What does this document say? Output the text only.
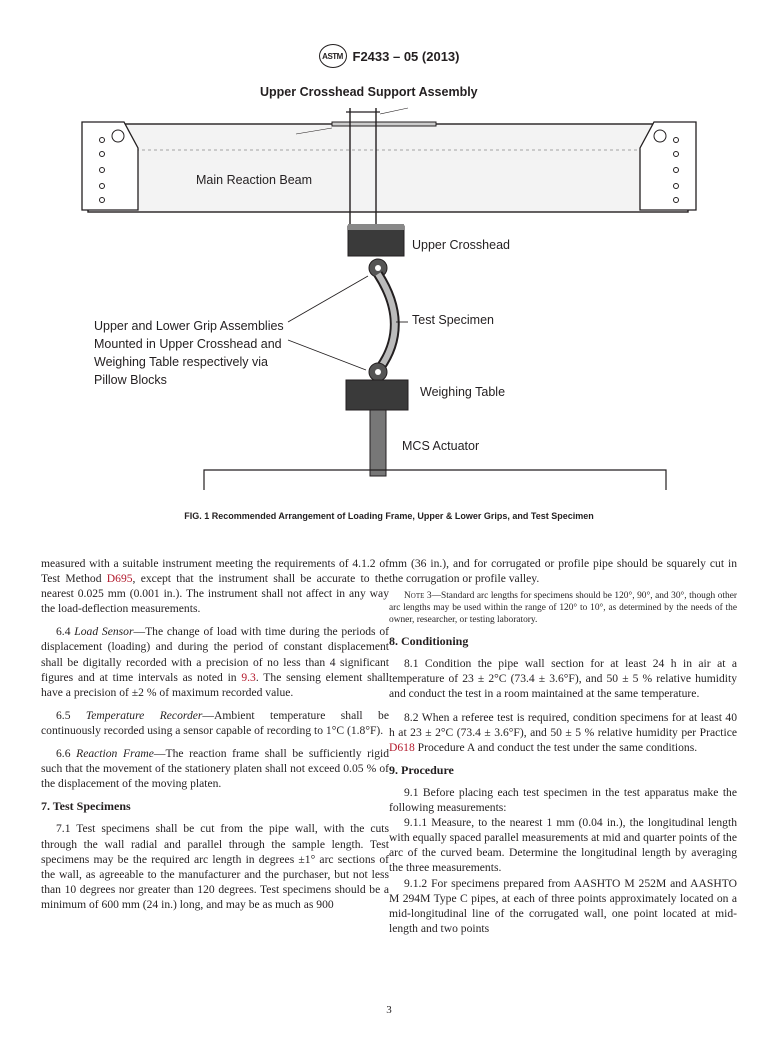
ASTM F2433 – 05 (2013)
Upper Crosshead Support Assembly
Main Reaction Beam
Upper Crosshead
Test Specimen
Upper and Lower Grip Assemblies
Mounted in Upper Crosshead and
Weighing Table respectively via
Pillow Blocks
Weighing Table
MCS Actuator
FIG. 1 Recommended Arrangement of Loading Frame, Upper & Lower Grips, and Test Specimen

measured with a suitable instrument meeting the requirements of 4.1.2 of Test Method D695, except that the instrument shall be accurate to the nearest 0.025 mm (0.001 in.). The instrument shall not affect in any way the load-deflection measurements.

6.4 Load Sensor—The change of load with time during the periods of displacement (loading) and during the period of constant displacement shall be digitally recorded with a precision of no less than 4 significant figures and at time intervals as noted in 9.3. The sensing element shall have a precision of ±2 % of maximum recorded value.

6.5 Temperature Recorder—Ambient temperature shall be continuously recorded using a sensor capable of recording to 1°C (1.8°F).

6.6 Reaction Frame—The reaction frame shall be sufficiently rigid such that the movement of the stationery platen shall not exceed 0.05 % of the displacement of the moving platen.

7. Test Specimens

7.1 Test specimens shall be cut from the pipe wall, with the cuts through the wall radial and parallel through the sample length. Test specimens may be the required arc length in degrees ±1° arc sections of the wall, as agreeable to the manufacturer and the purchaser, but not less than 10 degrees nor greater than 120 degrees. Test specimens should be a minimum of 600 mm (24 in.) long, and may be as much as 900

mm (36 in.), and for corrugated or profile pipe should be squarely cut in the corrugation or profile valley.

Note 3—Standard arc lengths for specimens should be 120°, 90°, and 30°, though other arc lengths may be used within the range of 120° to 10°, as determined by the needs of the owner, researcher, or testing laboratory.

8. Conditioning

8.1 Condition the pipe wall section for at least 24 h in air at a temperature of 23 ± 2°C (73.4 ± 3.6°F), and 50 ± 5 % relative humidity and conduct the test in a room maintained at the same temperature.

8.2 When a referee test is required, condition specimens for at least 40 h at 23 ± 2°C (73.4 ± 3.6°F), and 50 ± 5 % relative humidity per Practice D618 Procedure A and conduct the test under the same conditions.

9. Procedure

9.1 Before placing each test specimen in the test apparatus make the following measurements:

9.1.1 Measure, to the nearest 1 mm (0.04 in.), the longitudinal length with equally spaced parallel measurements at mid and quarter points of the arc of the curved beam. Determine the longitudinal length by averaging the three measurements.

9.1.2 For specimens prepared from AASHTO M 252M and AASHTO M 294M Type C pipes, at each of three points approximately located on a mid-longitudinal line of the corrugated wall, one point located at mid-length and two points

3
